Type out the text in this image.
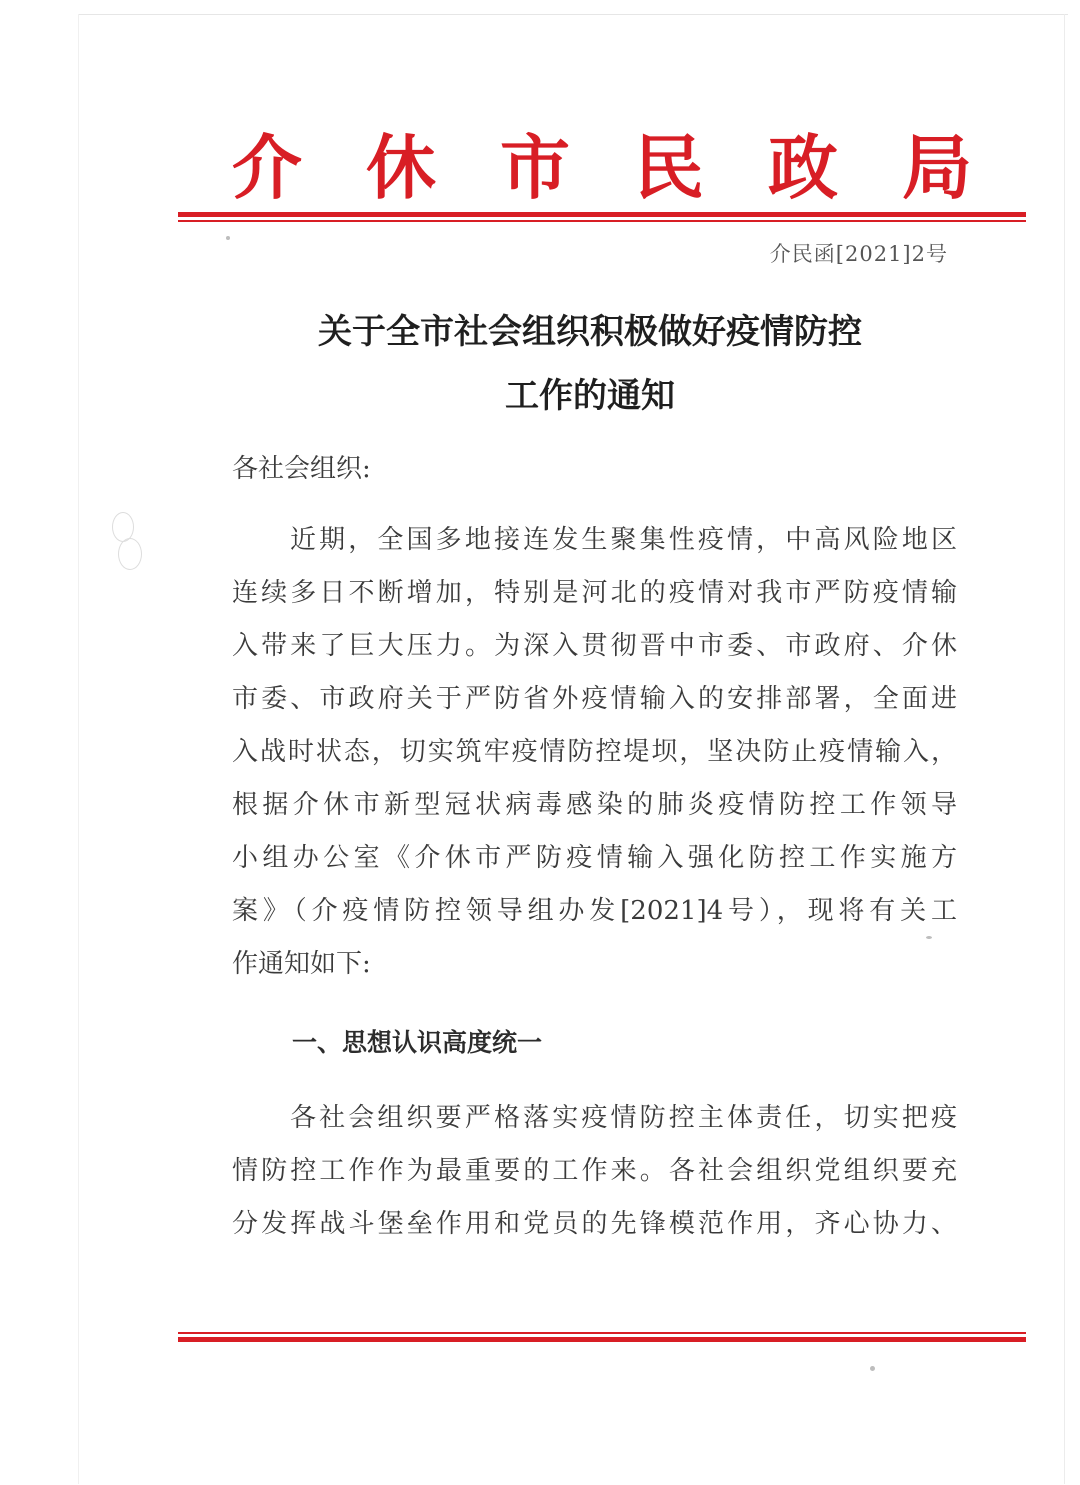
介 休 市 民 政 局
介民函[2021]2号
关于全市社会组织积极做好疫情防控
工作的通知
各社会组织:
近期，全国多地接连发生聚集性疫情，中高风险地区
连续多日不断增加，特别是河北的疫情对我市严防疫情输
入带来了巨大压力。为深入贯彻晋中市委、市政府、介休
市委、市政府关于严防省外疫情输入的安排部署，全面进
入战时状态，切实筑牢疫情防控堤坝，坚决防止疫情输入，
根据介休市新型冠状病毒感染的肺炎疫情防控工作领导
小组办公室《介休市严防疫情输入强化防控工作实施方
案》（介疫情防控领导组办发[2021]4号），现将有关工
作通知如下:
一、思想认识高度统一
各社会组织要严格落实疫情防控主体责任，切实把疫
情防控工作作为最重要的工作来。各社会组织党组织要充
分发挥战斗堡垒作用和党员的先锋模范作用，齐心协力、
